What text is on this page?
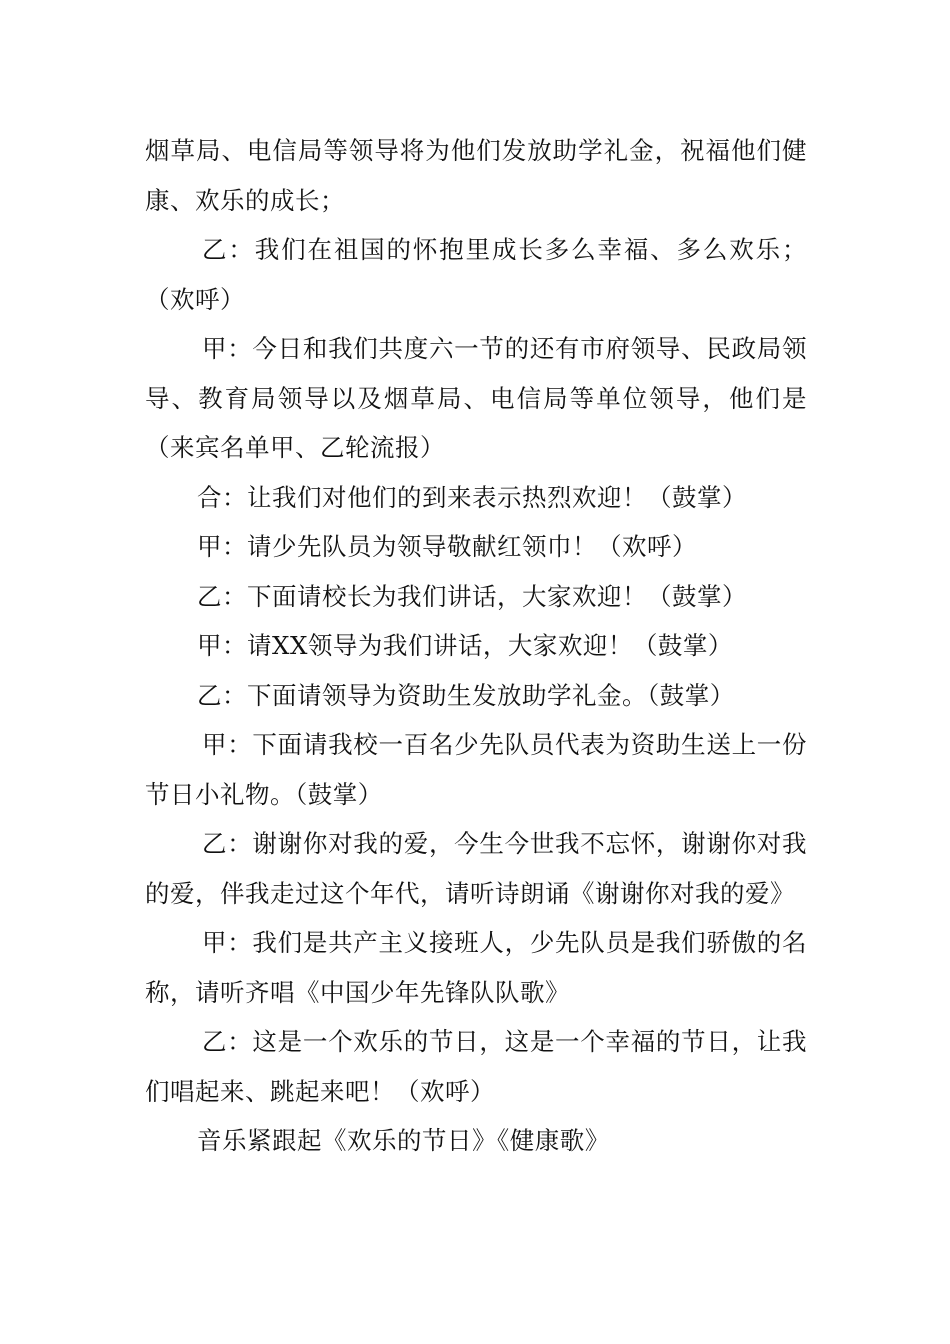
烟草局、电信局等领导将为他们发放助学礼金，祝福他们健康、欢乐的成长；

乙：我们在祖国的怀抱里成长多么幸福、多么欢乐；（欢呼）

甲：今日和我们共度六一节的还有市府领导、民政局领导、教育局领导以及烟草局、电信局等单位领导，他们是（来宾名单甲、乙轮流报）

合：让我们对他们的到来表示热烈欢迎！（鼓掌）

甲：请少先队员为领导敬献红领巾！（欢呼）

乙：下面请校长为我们讲话，大家欢迎！（鼓掌）

甲：请XX领导为我们讲话，大家欢迎！（鼓掌）

乙：下面请领导为资助生发放助学礼金。（鼓掌）

甲：下面请我校一百名少先队员代表为资助生送上一份节日小礼物。（鼓掌）

乙：谢谢你对我的爱，今生今世我不忘怀，谢谢你对我的爱，伴我走过这个年代，请听诗朗诵《谢谢你对我的爱》

甲：我们是共产主义接班人，少先队员是我们骄傲的名称，请听齐唱《中国少年先锋队队歌》

乙：这是一个欢乐的节日，这是一个幸福的节日，让我们唱起来、跳起来吧！（欢呼）

音乐紧跟起《欢乐的节日》《健康歌》
